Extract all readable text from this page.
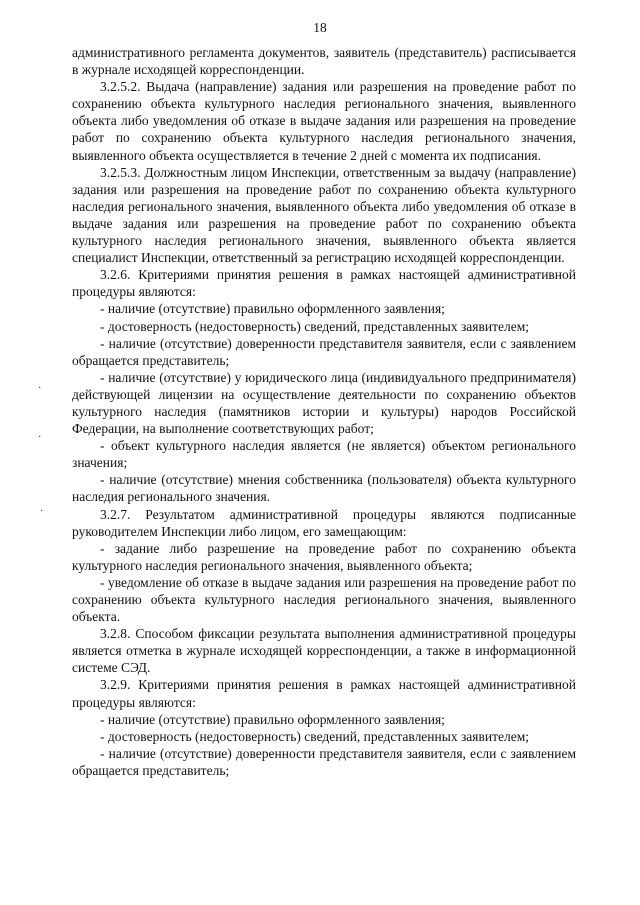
18

административного регламента документов, заявитель (представитель) расписывается в журнале исходящей корреспонденции.

3.2.5.2. Выдача (направление) задания или разрешения на проведение работ по сохранению объекта культурного наследия регионального значения, выявленного объекта либо уведомления об отказе в выдаче задания или разрешения на проведение работ по сохранению объекта культурного наследия регионального значения, выявленного объекта осуществляется в течение 2 дней с момента их подписания.

3.2.5.3. Должностным лицом Инспекции, ответственным за выдачу (направление) задания или разрешения на проведение работ по сохранению объекта культурного наследия регионального значения, выявленного объекта либо уведомления об отказе в выдаче задания или разрешения на проведение работ по сохранению объекта культурного наследия регионального значения, выявленного объекта является специалист Инспекции, ответственный за регистрацию исходящей корреспонденции.

3.2.6. Критериями принятия решения в рамках настоящей административной процедуры являются:

- наличие (отсутствие) правильно оформленного заявления;

- достоверность (недостоверность) сведений, представленных заявителем;

- наличие (отсутствие) доверенности представителя заявителя, если с заявлением обращается представитель;

- наличие (отсутствие) у юридического лица (индивидуального предпринимателя) действующей лицензии на осуществление деятельности по сохранению объектов культурного наследия (памятников истории и культуры) народов Российской Федерации, на выполнение соответствующих работ;

- объект культурного наследия является (не является) объектом регионального значения;

- наличие (отсутствие) мнения собственника (пользователя) объекта культурного наследия регионального значения.

3.2.7. Результатом административной процедуры являются подписанные руководителем Инспекции либо лицом, его замещающим:

- задание либо разрешение на проведение работ по сохранению объекта культурного наследия регионального значения, выявленного объекта;

- уведомление об отказе в выдаче задания или разрешения на проведение работ по сохранению объекта культурного наследия регионального значения, выявленного объекта.

3.2.8. Способом фиксации результата выполнения административной процедуры является отметка в журнале исходящей корреспонденции, а также в информационной системе СЭД.

3.2.9. Критериями принятия решения в рамках настоящей административной процедуры являются:

- наличие (отсутствие) правильно оформленного заявления;

- достоверность (недостоверность) сведений, представленных заявителем;

- наличие (отсутствие) доверенности представителя заявителя, если с заявлением обращается представитель;

·
·
·
